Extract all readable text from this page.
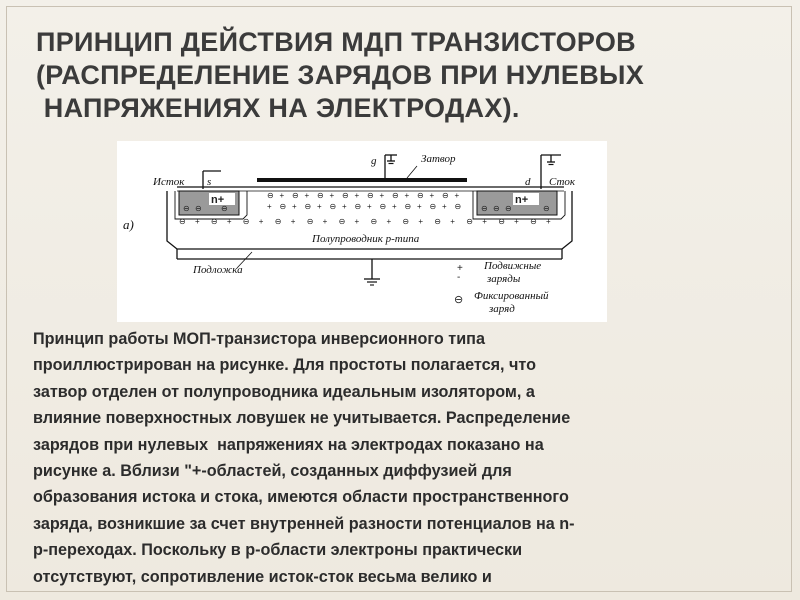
ПРИНЦИП ДЕЙСТВИЯ МДП ТРАНЗИСТОРОВ
(РАСПРЕДЕЛЕНИЕ ЗАРЯДОВ ПРИ НУЛЕВЫХ
НАПРЯЖЕНИЯХ НА ЭЛЕКТРОДАХ).
g	Затвор
Исток s	d Сток
n+	n+
Подложка
⊖ + ⊖ + ⊖ + ⊖ + ⊖ + ⊖ + ⊖ + ⊖ +
+ ⊖ + ⊖ + ⊖ + ⊖ + ⊖ + ⊖ + ⊖ + ⊖
⊖ + ⊖ + ⊖ + ⊖ + ⊖ + ⊖ + ⊖ + ⊖ + ⊖ + ⊖ + ⊖ + ⊖ +
⊖ ⊖ ⊖	⊖ ⊖ ⊖	⊖
Полупроводник p-типа
a)
+
-
Подвижные
заряды
⊖ Фиксированный
заряд

Принцип работы МОП-транзистора инверсионного типа
проиллюстрирован на рисунке. Для простоты полагается, что
затвор отделен от полупроводника идеальным изолятором, а
влияние поверхностных ловушек не учитывается. Распределение
зарядов при нулевых  напряжениях на электродах показано на
рисунке а. Вблизи "+-областей, созданных диффузией для
образования истока и стока, имеются области пространственного
заряда, возникшие за счет внутренней разности потенциалов на n-
p-переходах. Поскольку в p-области электроны практически
отсутствуют, сопротивление исток-сток весьма велико и
